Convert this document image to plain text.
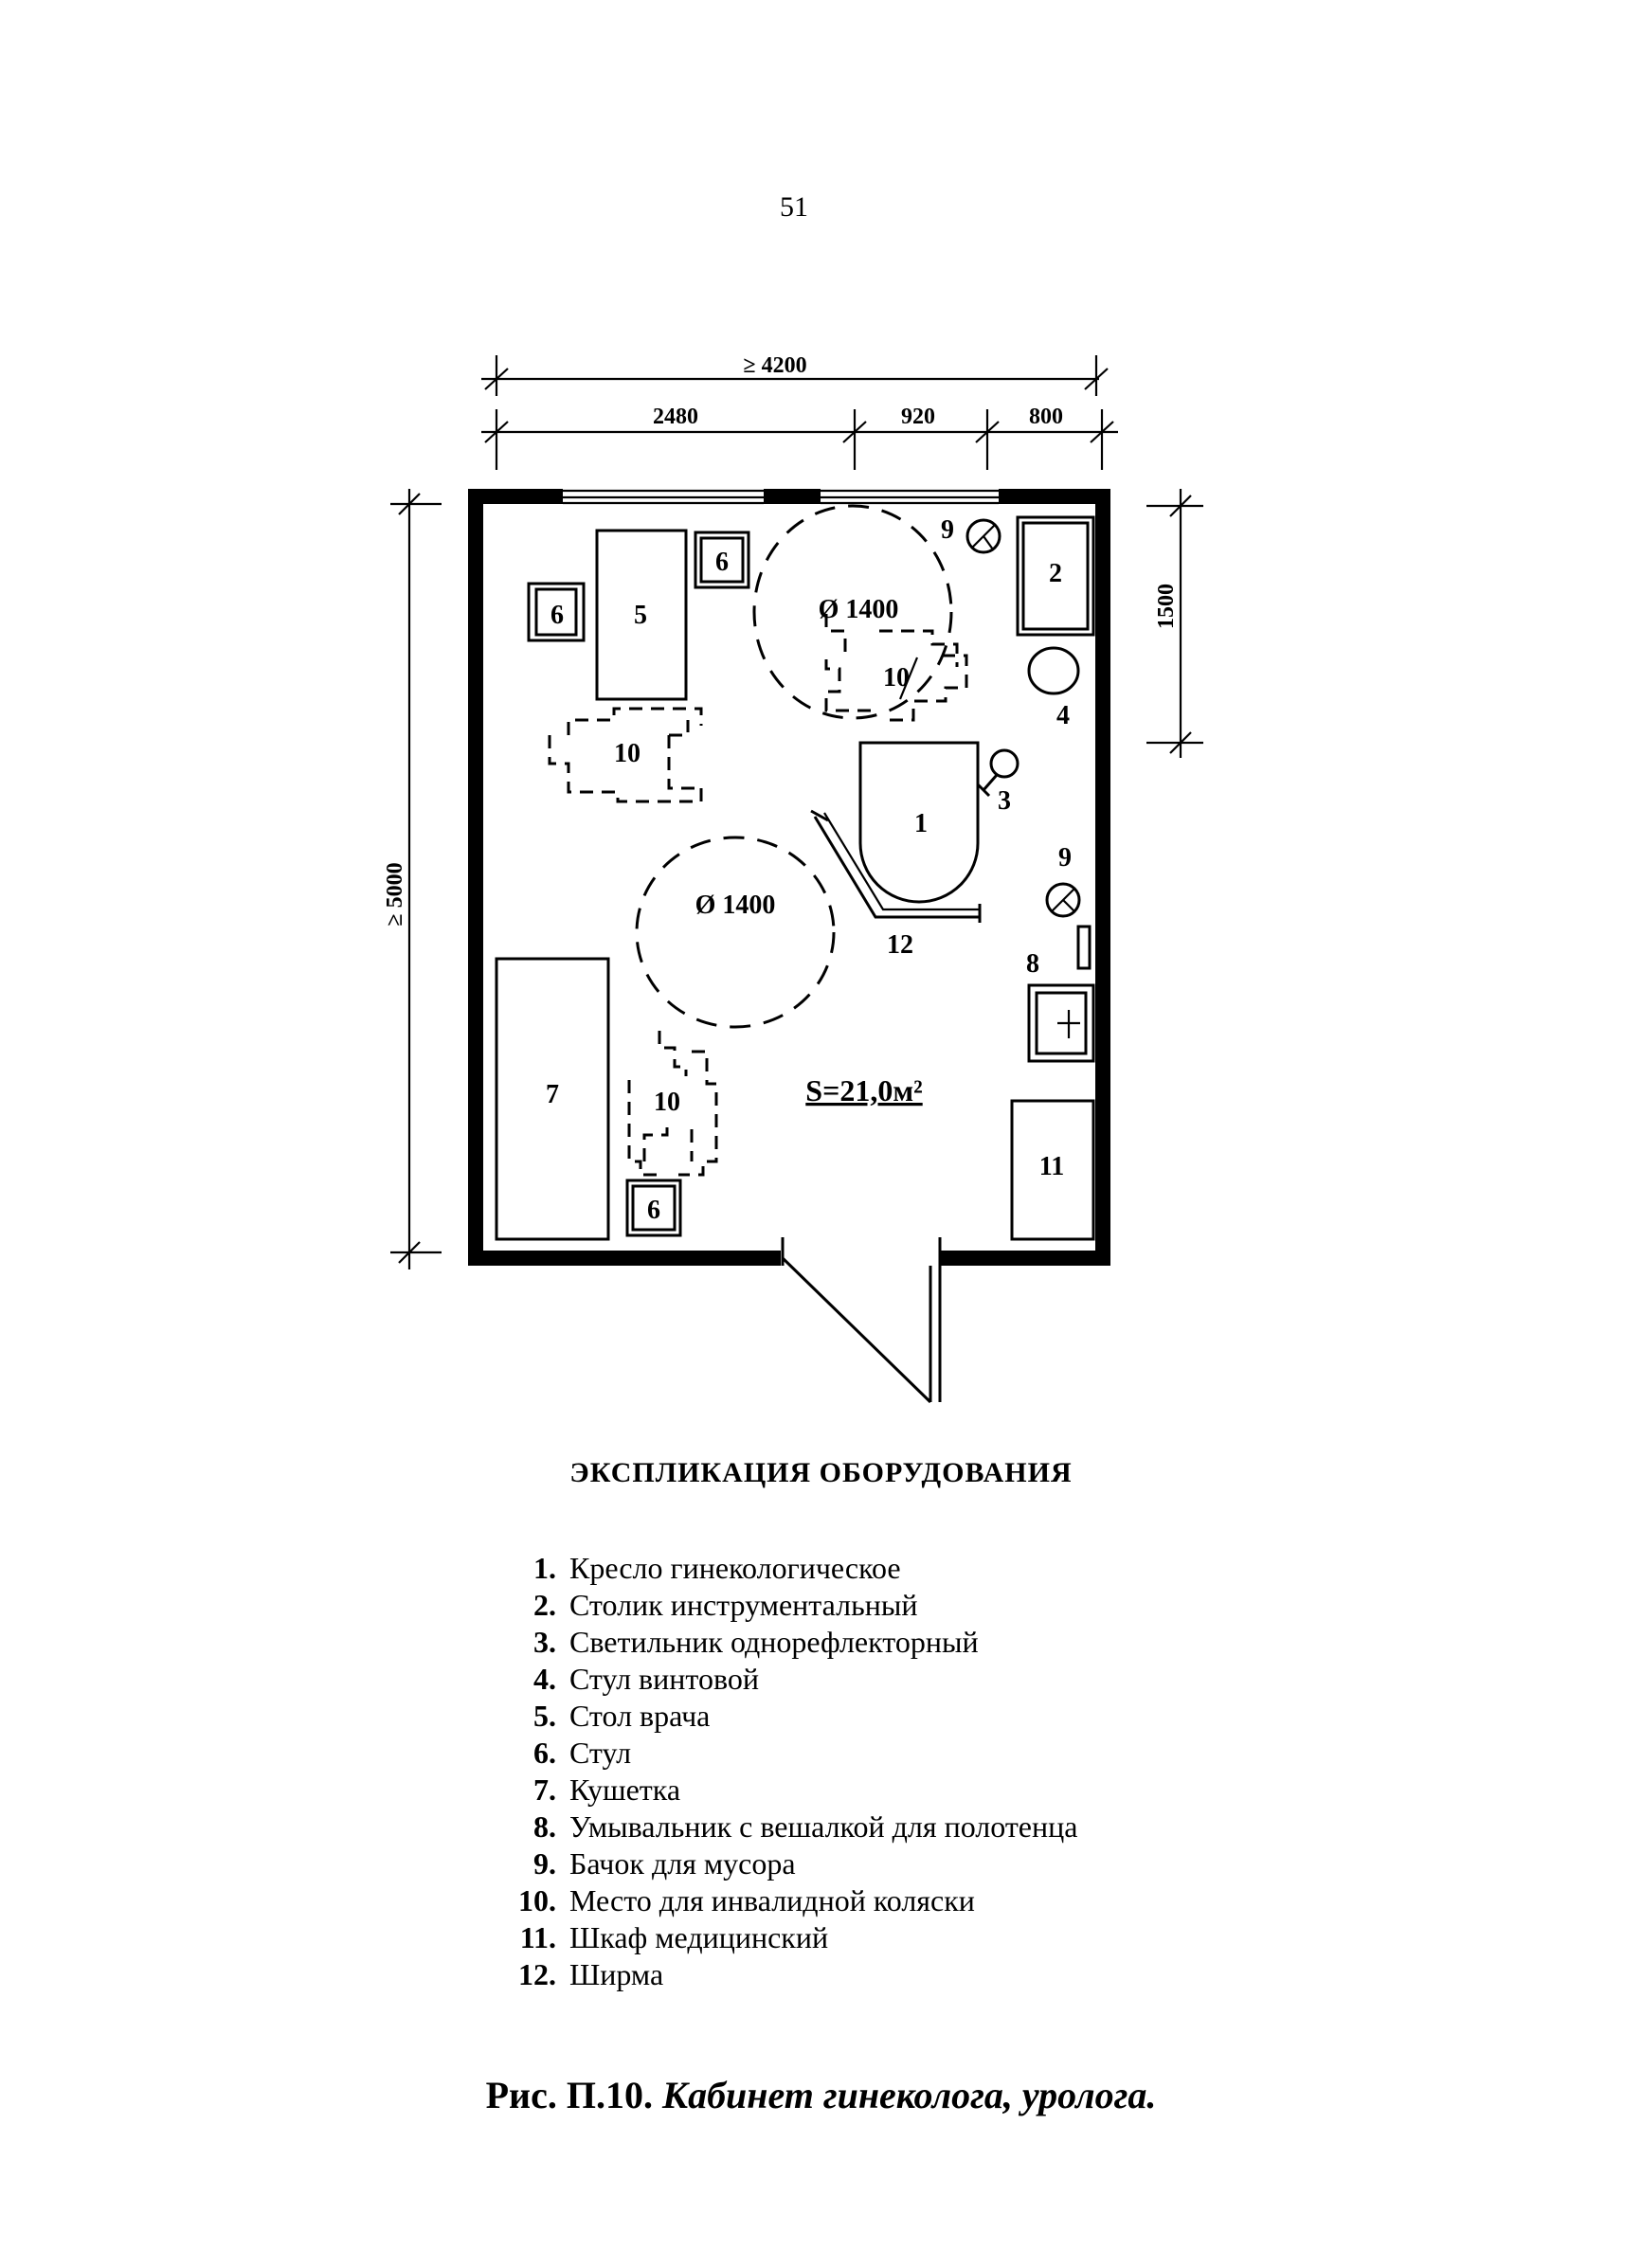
51
≥ 4200
2480	920	800
≥ 5000
1500
Ø 1400
Ø 1400
10
10
10
5
6
6
6
7
2
4
9
9
1
3
12
8
11
S=21,0м²
ЭКСПЛИКАЦИЯ ОБОРУДОВАНИЯ
1. Кресло гинекологическое
2. Столик инструментальный
3. Светильник однорефлекторный
4. Стул винтовой
5. Стол врача
6. Стул
7. Кушетка
8. Умывальник с вешалкой для полотенца
9. Бачок для мусора
10. Место для инвалидной коляски
11. Шкаф медицинский
12. Ширма
Рис. П.10. Кабинет гинеколога, уролога.
